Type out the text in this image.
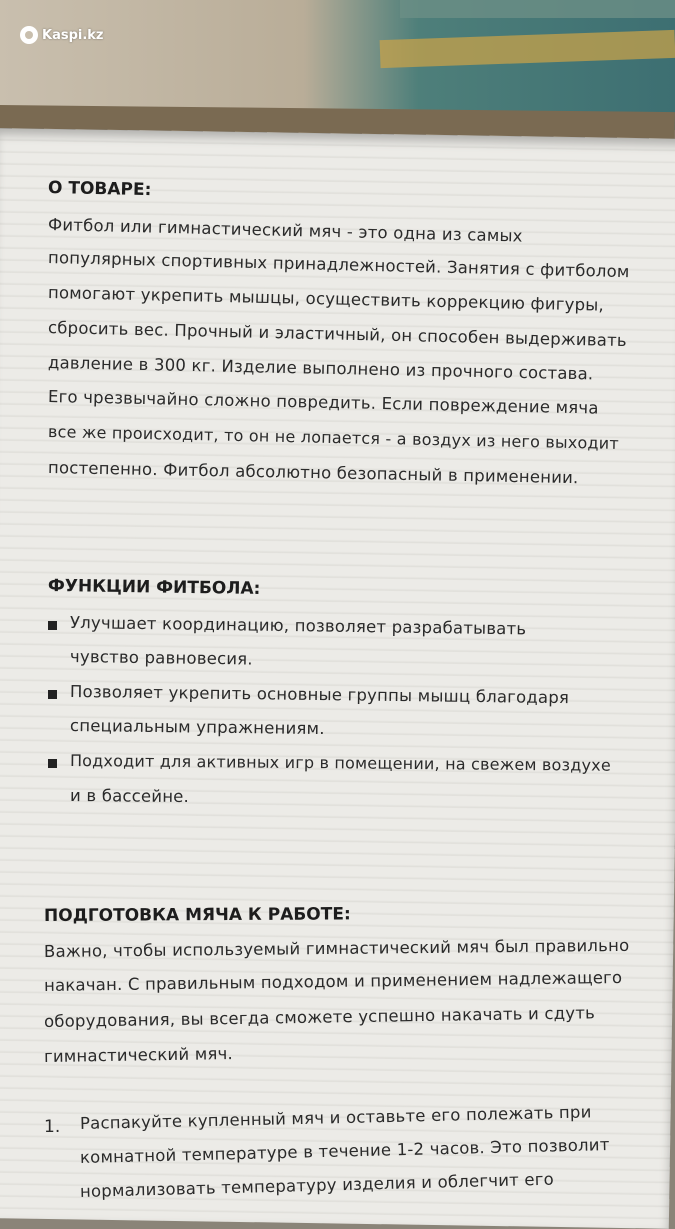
Kaspi.kz
О ТОВАРЕ:
Фитбол или гимнастический мяч - это одна из самых
популярных спортивных принадлежностей. Занятия с фитболом
помогают укрепить мышцы, осуществить коррекцию фигуры,
сбросить вес. Прочный и эластичный, он способен выдерживать
давление в 300 кг. Изделие выполнено из прочного состава.
Его чрезвычайно сложно повредить. Если повреждение мяча
все же происходит, то он не лопается - а воздух из него выходит
постепенно. Фитбол абсолютно безопасный в применении.
ФУНКЦИИ ФИТБОЛА:
Улучшает координацию, позволяет разрабатывать
чувство равновесия.
Позволяет укрепить основные группы мышц благодаря
специальным упражнениям.
Подходит для активных игр в помещении, на свежем воздухе
и в бассейне.
ПОДГОТОВКА МЯЧА К РАБОТЕ:
Важно, чтобы используемый гимнастический мяч был правильно
накачан. С правильным подходом и применением надлежащего
оборудования, вы всегда сможете успешно накачать и сдуть
гимнастический мяч.
1. Распакуйте купленный мяч и оставьте его полежать при
комнатной температуре в течение 1-2 часов. Это позволит
нормализовать температуру изделия и облегчит его
